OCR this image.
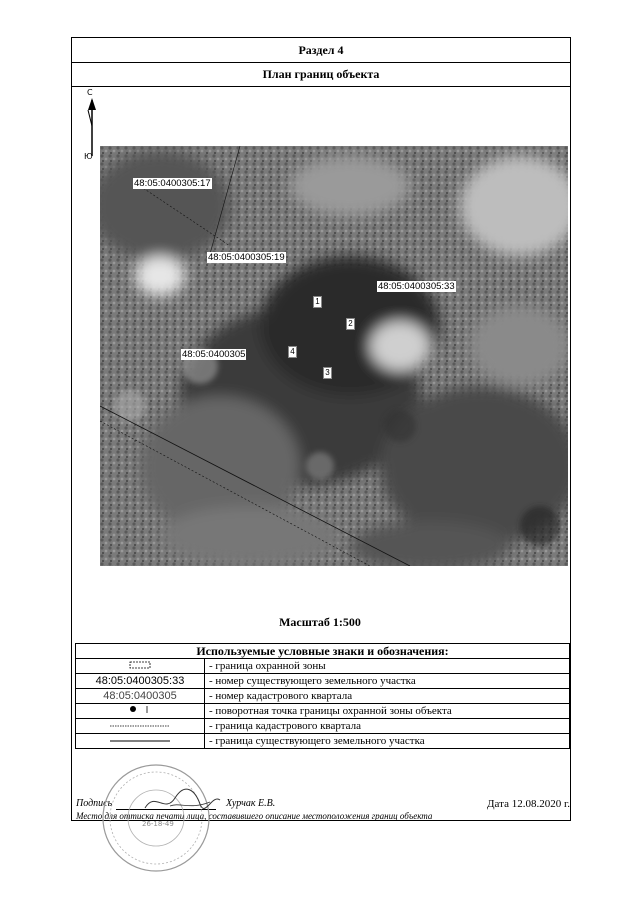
Раздел 4
План границ объекта
С
Ю
48:05:0400305:17
48:05:0400305:19
48:05:0400305:33
48:05:0400305
1
2
3
4
Масштаб 1:500
Используемые условные знаки и обозначения:	
	- граница охранной зоны
48:05:0400305:33	- номер существующего земельного участка
48:05:0400305	- номер кадастрового квартала
	- поворотная точка границы охранной зоны объекта
	- граница кадастрового квартала
	- граница существующего земельного участка
Подпись	Хурчак Е.В.	Дата 12.08.2020 г.
Место для оттиска печати лица, составившего описание местоположения границ объекта
26-18-49
